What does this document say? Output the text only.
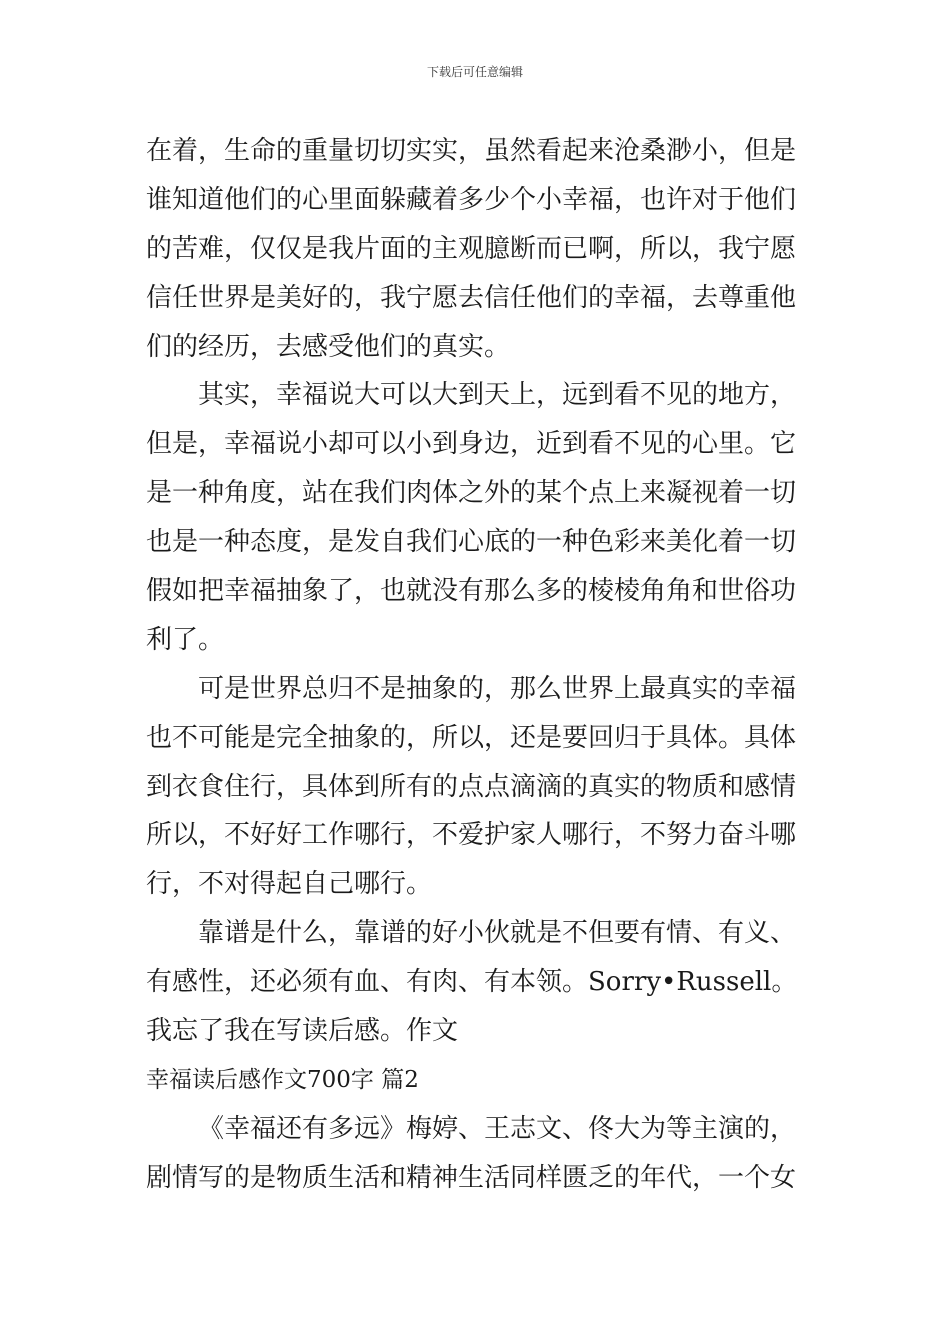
下载后可任意编辑
在着，生命的重量切切实实，虽然看起来沧桑渺小，但是
谁知道他们的心里面躲藏着多少个小幸福，也许对于他们
的苦难，仅仅是我片面的主观臆断而已啊，所以，我宁愿
信任世界是美好的，我宁愿去信任他们的幸福，去尊重他
们的经历，去感受他们的真实。
其实，幸福说大可以大到天上，远到看不见的地方，
但是，幸福说小却可以小到身边，近到看不见的心里。它
是一种角度，站在我们肉体之外的某个点上来凝视着一切
也是一种态度，是发自我们心底的一种色彩来美化着一切
假如把幸福抽象了，也就没有那么多的棱棱角角和世俗功
利了。
可是世界总归不是抽象的，那么世界上最真实的幸福
也不可能是完全抽象的，所以，还是要回归于具体。具体
到衣食住行，具体到所有的点点滴滴的真实的物质和感情
所以，不好好工作哪行，不爱护家人哪行，不努力奋斗哪
行，不对得起自己哪行。
靠谱是什么，靠谱的好小伙就是不但要有情、有义、
有感性，还必须有血、有肉、有本领。Sorry•Russell。
我忘了我在写读后感。作文
幸福读后感作文700字 篇2
《幸福还有多远》梅婷、王志文、佟大为等主演的，
剧情写的是物质生活和精神生活同样匮乏的年代，一个女
